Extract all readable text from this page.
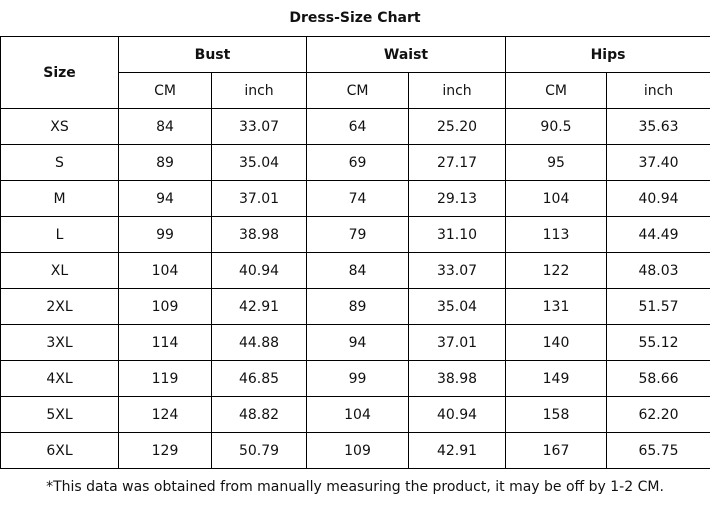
Dress-Size Chart
Size	Bust		Waist		Hips	
	CM	inch	CM	inch	CM	inch
XS	84	33.07	64	25.20	90.5	35.63
S	89	35.04	69	27.17	95	37.40
M	94	37.01	74	29.13	104	40.94
L	99	38.98	79	31.10	113	44.49
XL	104	40.94	84	33.07	122	48.03
2XL	109	42.91	89	35.04	131	51.57
3XL	114	44.88	94	37.01	140	55.12
4XL	119	46.85	99	38.98	149	58.66
5XL	124	48.82	104	40.94	158	62.20
6XL	129	50.79	109	42.91	167	65.75
*This data was obtained from manually measuring the product, it may be off by 1-2 CM.
